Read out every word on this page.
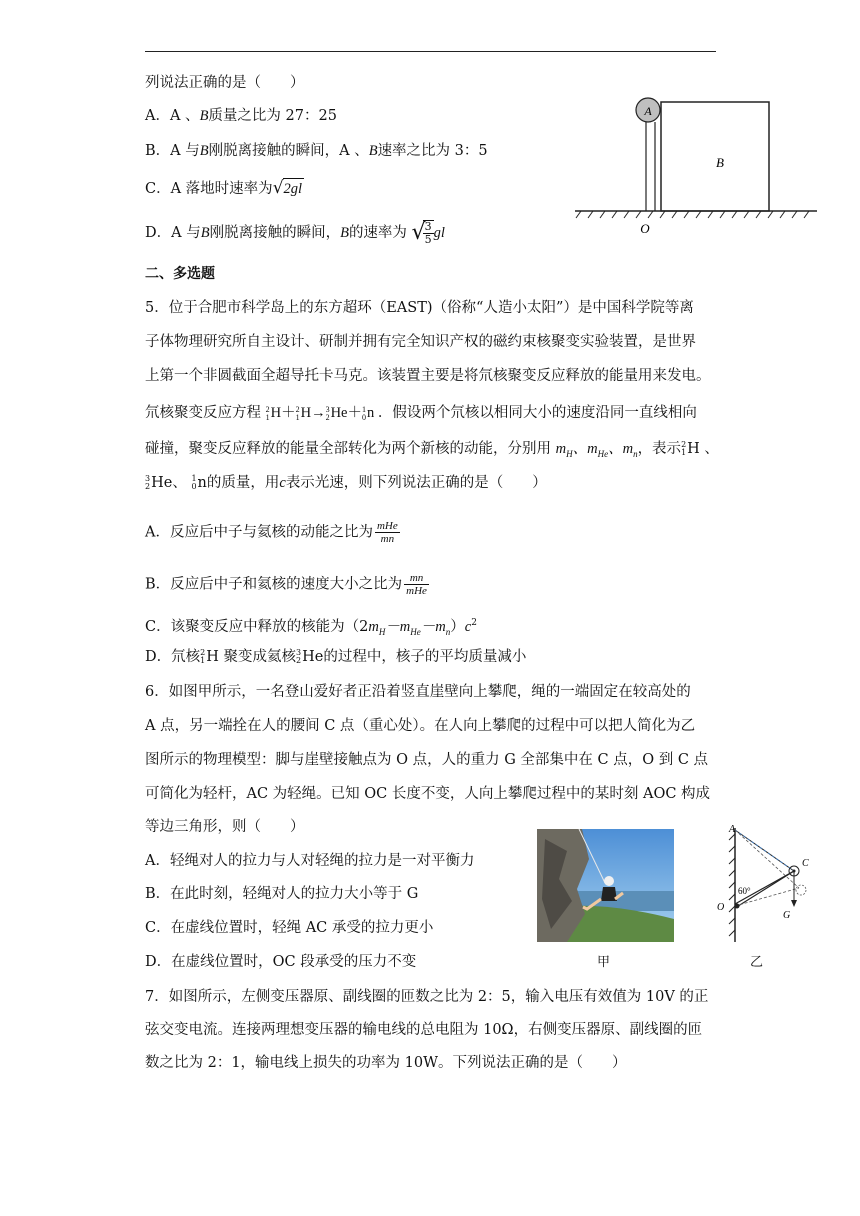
列说法正确的是（　　）
A．A 、B质量之比为 27：25
B．A 与B刚脱离接触的瞬间，A 、B速率之比为 3：5
C．A 落地时速率为√2gl
D．A 与B刚脱离接触的瞬间，B的速率为 √
$\frac{3}{5}$ gl
A
B
O
二、多选题
5．位于合肥市科学岛上的东方超环（EAST)（俗称“人造小太阳”）是中国科学院等离
子体物理研究所自主设计、研制并拥有完全知识产权的磁约束核聚变实验装置，是世界
上第一个非圆截面全超导托卡马克。该装置主要是将氘核聚变反应释放的能量用来发电。
氘核聚变反应方程 2
1 H＋ 2
1 H→ 3
2 He＋ 1
0 n ．假设两个氘核以相同大小的速度沿同一直线相向
碰撞，聚变反应释放的能量全部转化为两个新核的动能，分别用 $m_H$、$m_{He}$、$m_n$，表示 2
1 H 、
3
2 He、 1
0 n的质量，用c表示光速，则下列说法正确的是（　　）
A．反应后中子与氦核的动能之比为 $\frac{\text{mHe}}{mn}$
B．反应后中子和氦核的速度大小之比为 $\frac{mn}{\text{mHe}}$
C．该聚变反应中释放的核能为$(2m_H-m_{He}-m_n)c^2$
D．氘核 2
1 H 聚变成氦核 3
2 He的过程中，核子的平均质量减小
6．如图甲所示，一名登山爱好者正沿着竖直崖壁向上攀爬，绳的一端固定在较高处的
A 点，另一端拴在人的腰间 C 点（重心处）。在人向上攀爬的过程中可以把人简化为乙
图所示的物理模型：脚与崖壁接触点为 O 点，人的重力 G 全部集中在 C 点，O 到 C 点
可简化为轻杆，AC 为轻绳。已知 OC 长度不变，人向上攀爬过程中的某时刻 AOC 构成
等边三角形，则（　　）
A．轻绳对人的拉力与人对轻绳的拉力是一对平衡力
B．在此时刻，轻绳对人的拉力大小等于 G
C．在虚线位置时，轻绳 AC 承受的拉力更小
D．在虚线位置时，OC 段承受的压力不变	甲
A
C
O
G
60°
乙
7．如图所示，左侧变压器原、副线圈的匝数之比为 2：5，输入电压有效值为 10V 的正
弦交变电流。连接两理想变压器的输电线的总电阻为 10Ω，右侧变压器原、副线圈的匝
数之比为 2：1，输电线上损失的功率为 10W。下列说法正确的是（　　）
